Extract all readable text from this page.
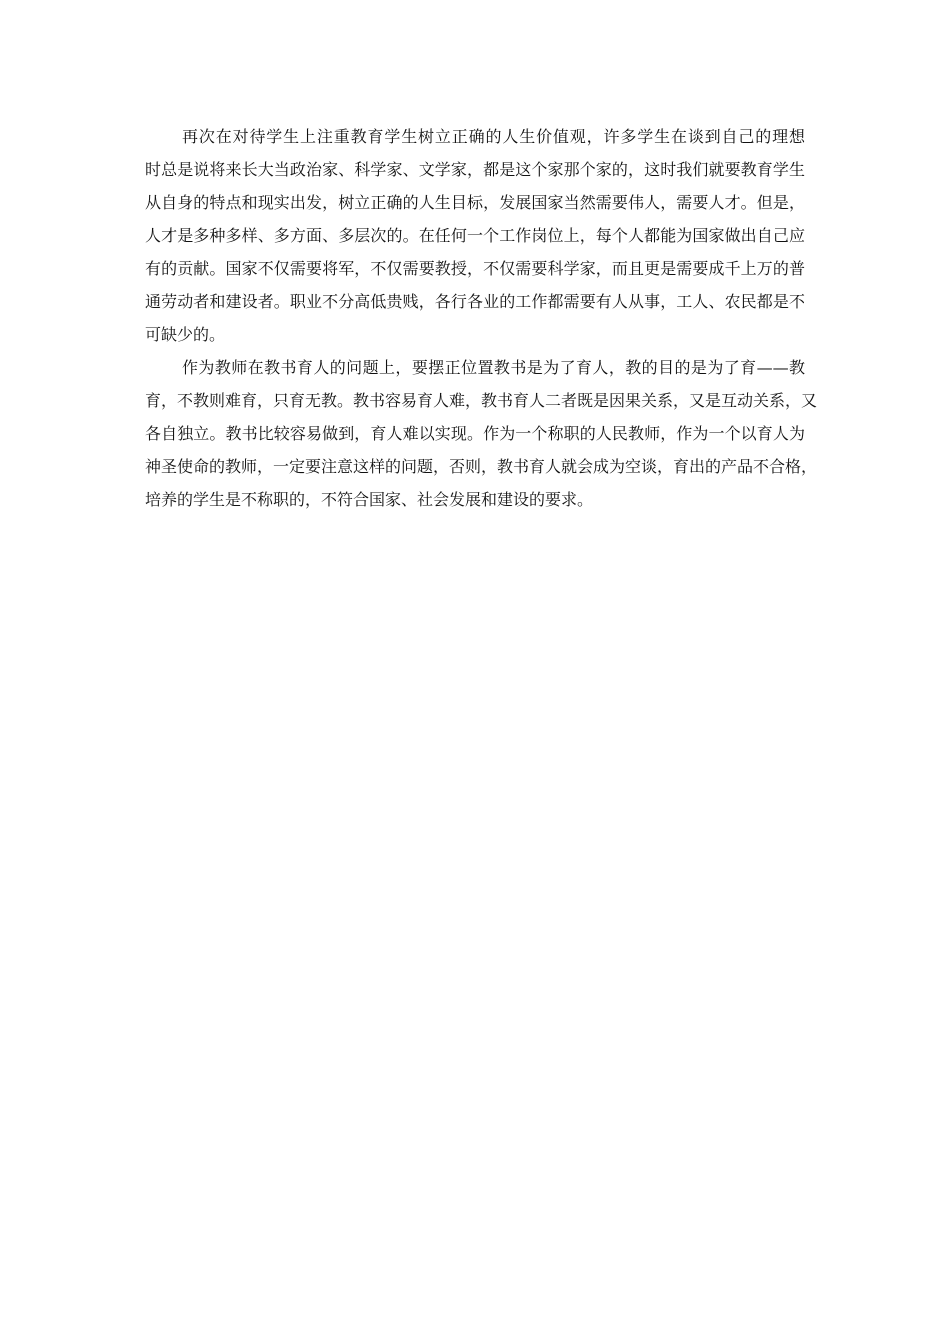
再次在对待学生上注重教育学生树立正确的人生价值观，许多学生在谈到自己的理想
时总是说将来长大当政治家、科学家、文学家，都是这个家那个家的，这时我们就要教育学生
从自身的特点和现实出发，树立正确的人生目标，发展国家当然需要伟人，需要人才。但是，
人才是多种多样、多方面、多层次的。在任何一个工作岗位上，每个人都能为国家做出自己应
有的贡献。国家不仅需要将军，不仅需要教授，不仅需要科学家，而且更是需要成千上万的普
通劳动者和建设者。职业不分高低贵贱，各行各业的工作都需要有人从事，工人、农民都是不
可缺少的。
作为教师在教书育人的问题上，要摆正位置教书是为了育人，教的目的是为了育——教
育，不教则难育，只育无教。教书容易育人难，教书育人二者既是因果关系，又是互动关系，又
各自独立。教书比较容易做到，育人难以实现。作为一个称职的人民教师，作为一个以育人为
神圣使命的教师，一定要注意这样的问题，否则，教书育人就会成为空谈，育出的产品不合格，
培养的学生是不称职的，不符合国家、社会发展和建设的要求。
